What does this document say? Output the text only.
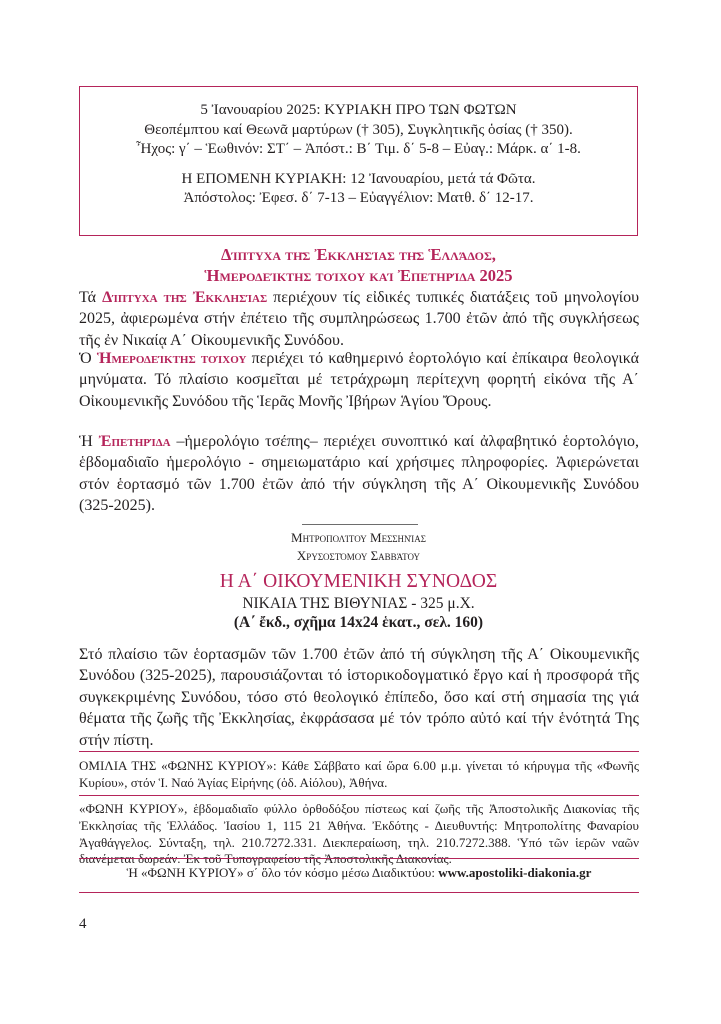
5 Ἰανουαρίου 2025: ΚΥΡΙΑΚΗ ΠΡΟ ΤΩΝ ΦΩΤΩΝ

Θεοπέμπτου καί Θεωνᾶ μαρτύρων († 305), Συγκλητικῆς ὁσίας († 350).

Ἦχος: γ΄ – Ἑωθινόν: ΣΤ΄ – Ἀπόστ.: Β΄ Τιμ. δ΄ 5-8 – Εὐαγ.: Μάρκ. α΄ 1-8.

Η ΕΠΟΜΕΝΗ ΚΥΡΙΑΚΗ: 12 Ἰανουαρίου, μετά τά Φῶτα.

Ἀπόστολος: Ἐφεσ. δ΄ 7-13 – Εὐαγγέλιον: Ματθ. δ΄ 12-17.

Δίπτυχα τῆς Ἐκκλησίας τῆς Ἑλλάδος,
Ἡμεροδείκτης τοίχου καί Ἐπετηρίδα 2025

Τά Δίπτυχα τῆς Ἐκκλησίας περιέχουν τίς εἰδικές τυπικές διατάξεις τοῦ μηνολογίου 2025, ἀφιερωμένα στήν ἐπέτειο τῆς συμπληρώσεως 1.700 ἐτῶν ἀπό τῆς συγκλήσεως τῆς ἐν Νικαίᾳ Α΄ Οἰκουμενικῆς Συνόδου.

Ὁ Ἡμεροδείκτης τοίχου περιέχει τό καθημερινό ἑορτολόγιο καί ἐπίκαιρα θεολογικά μηνύματα. Τό πλαίσιο κοσμεῖται μέ τετράχρωμη περίτεχνη φορητή εἰκόνα τῆς Α΄ Οἰκουμενικῆς Συνόδου τῆς Ἱερᾶς Μονῆς Ἰβήρων Ἁγίου Ὄρους.

Ἡ Ἐπετηρίδα –ἡμερολόγιο τσέπης– περιέχει συνοπτικό καί ἀλφαβητικό ἑορτολόγιο, ἑβδομαδιαῖο ἡμερολόγιο - σημειωματάριο καί χρήσιμες πληροφορίες. Ἀφιερώνεται στόν ἑορτασμό τῶν 1.700 ἐτῶν ἀπό τήν σύγκληση τῆς Α΄ Οἰκουμενικῆς Συνόδου (325-2025).

Μητροπολίτου Μεσσηνίας
Χρυσοστόμου Σαββάτου
Η Α΄ ΟΙΚΟΥΜΕΝΙΚΗ ΣΥΝΟΔΟΣ
ΝΙΚΑΙΑ ΤΗΣ ΒΙΘΥΝΙΑΣ - 325 μ.Χ.
(Α΄ ἔκδ., σχῆμα 14x24 ἑκατ., σελ. 160)

Στό πλαίσιο τῶν ἑορτασμῶν τῶν 1.700 ἐτῶν ἀπό τή σύγκληση τῆς Α΄ Οἰκουμενικῆς Συνόδου (325-2025), παρουσιάζονται τό ἱστορικοδογματικό ἔργο καί ἡ προσφορά τῆς συγκεκριμένης Συνόδου, τόσο στό θεολογικό ἐπίπεδο, ὅσο καί στή σημασία της γιά θέματα τῆς ζωῆς τῆς Ἐκκλησίας, ἐκφράσασα μέ τόν τρόπο αὐτό καί τήν ἑνότητά Της στήν πίστη.

ΟΜΙΛΙΑ ΤΗΣ «ΦΩΝΗΣ ΚΥΡΙΟΥ»: Κάθε Σάββατο καί ὥρα 6.00 μ.μ. γίνεται τό κήρυγμα τῆς «Φωνῆς Κυρίου», στόν Ἱ. Ναό Ἁγίας Εἰρήνης (ὁδ. Αἰόλου), Ἀθήνα.

«ΦΩΝΗ ΚΥΡΙΟΥ», ἑβδομαδιαῖο φύλλο ὀρθοδόξου πίστεως καί ζωῆς τῆς Ἀποστολικῆς Διακονίας τῆς Ἐκκλησίας τῆς Ἑλλάδος. Ἰασίου 1, 115 21 Ἀθήνα. Ἐκδότης - Διευθυντής: Μητροπολίτης Φαναρίου Ἀγαθάγγελος. Σύνταξη, τηλ. 210.7272.331. Διεκπεραίωση, τηλ. 210.7272.388. Ὑπό τῶν ἱερῶν ναῶν διανέμεται δωρεάν. Ἐκ τοῦ Τυπογραφείου τῆς Ἀποστολικῆς Διακονίας.

Ἡ «ΦΩΝΗ ΚΥΡΙΟΥ» σ΄ ὅλο τόν κόσμο μέσω Διαδικτύου: www.apostoliki-diakonia.gr

4
